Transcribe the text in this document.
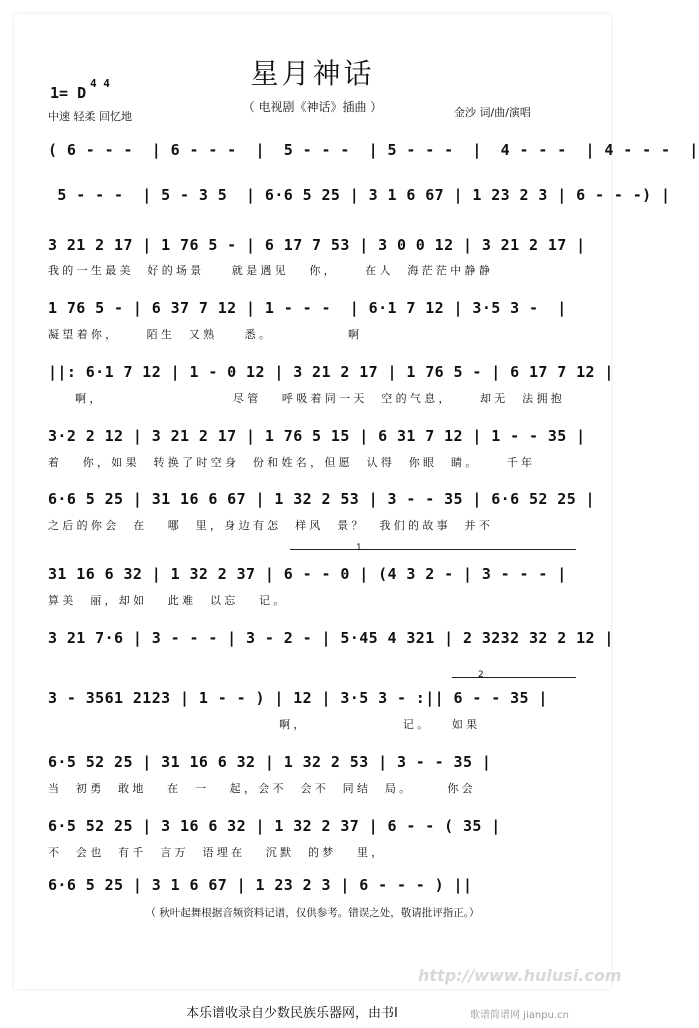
星月神话
（ 电视剧《神话》插曲 ）
1= D
4 4
中速 轻柔 回忆地	金沙 词/曲/演唱
( 6 - - -  | 6 - - -  |  5 - - -  | 5 - - -  |  4 - - -  | 4 - - -  |
5 - - -  | 5 - 3 5  | 6·6 5 25 | 3 1 6 67 | 1 23 2 3 | 6 - - -) |
3 21 2 17 | 1 76 5 - | 6 17 7 53 | 3 0 0 12 | 3 21 2 17 |
我的一生最美  好的场景    就是遇见   你，    在人  海茫茫中静静
1 76 5 - | 6 37 7 12 | 1 - - -  | 6·1 7 12 | 3·5 3 -  |
凝望着你，    陌生  又熟    悉。           啊
||: 6·1 7 12 | 1 - 0 12 | 3 21 2 17 | 1 76 5 - | 6 17 7 12 |
啊，                   尽管   呼吸着同一天  空的气息，    却无  法拥抱
3·2 2 12 | 3 21 2 17 | 1 76 5 15 | 6 31 7 12 | 1 - - 35 |
着   你，如果  转换了时空身  份和姓名，但愿  认得  你眼  睛。    千年
6·6 5 25 | 31 16 6 67 | 1 32 2 53 | 3 - - 35 | 6·6 52 25 |
之后的你会  在   哪  里，身边有怎  样风  景？  我们的故事  并不
1
31 16 6 32 | 1 32 2 37 | 6 - - 0 | (4 3 2 - | 3 - - - |
算美  丽，却如   此难  以忘   记。
3 21 7·6 | 3 - - - | 3 - 2 - | 5·45 4 321 | 2 3232 32 2 12 |
2
3 - 3561 2123 | 1 - - ) | 12 | 3·5 3 - :|| 6 - - 35 |
啊，              记。   如果
6·5 52 25 | 31 16 6 32 | 1 32 2 53 | 3 - - 35 |
当  初勇  敢地   在  一   起，会不  会不  同结  局。     你会
6·5 52 25 | 3 16 6 32 | 1 32 2 37 | 6 - - ( 35 |
不  会也  有千  言万  语埋在   沉默  的梦   里，
6·6 5 25 | 3 1 6 67 | 1 23 2 3 | 6 - - - ) ||
（ 秋叶起舞根据音频资料记谱，仅供参考。错误之处，敬请批评指正。）
http://www.hulusi.com
本乐谱收录自少数民族乐器网，由书I	歌谱简谱网 jianpu.cn
